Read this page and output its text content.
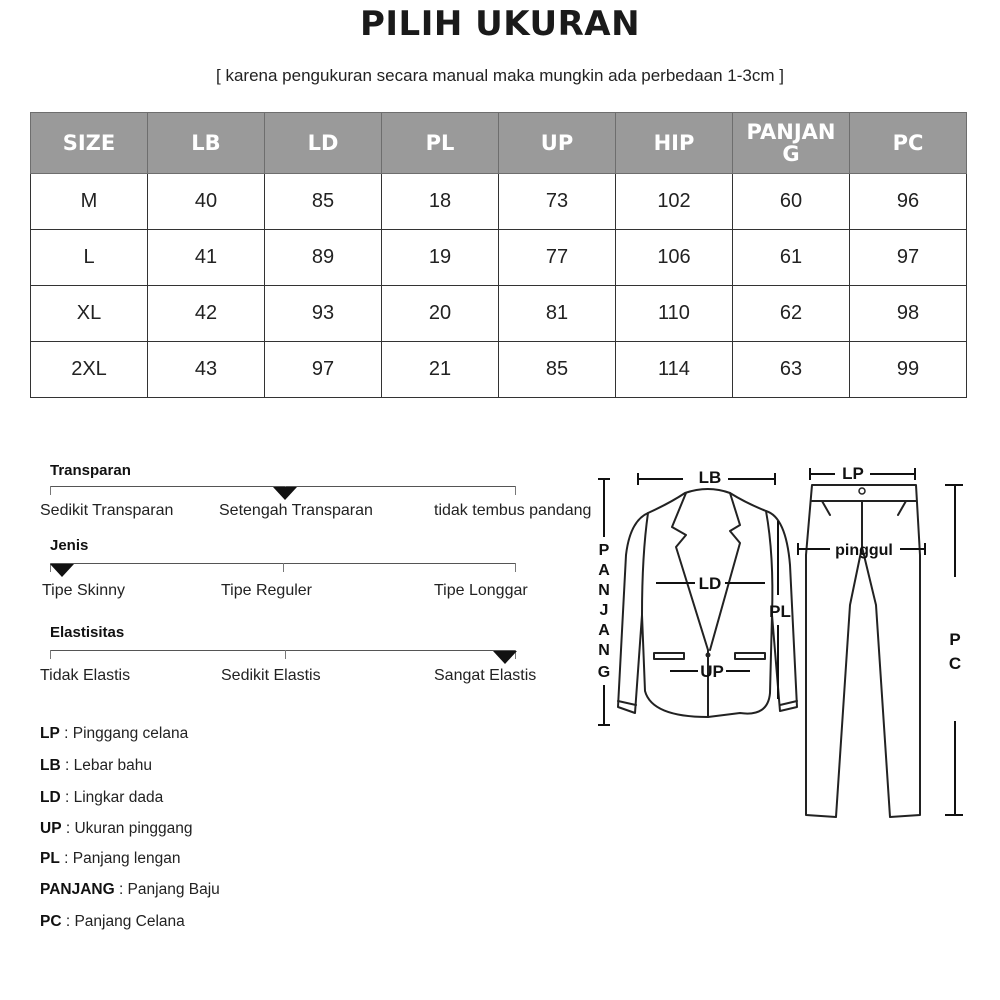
PILIH UKURAN
[ karena pengukuran secara manual maka mungkin ada perbedaan 1-3cm ]
SIZE	LB	LD	PL	UP	HIP	PANJANG	PC

M	40	85	18	73	102	60	96
L	41	89	19	77	106	61	97
XL	42	93	20	81	110	62	98
2XL	43	97	21	85	114	63	99
Transparan
Sedikit Transparan	Setengah Transparan	tidak tembus pandang
Jenis
Tipe Skinny	Tipe Reguler	Tipe Longgar
Elastisitas
Tidak Elastis	Sedikit Elastis	Sangat Elastis
LP : Pinggang celana
LB : Lebar bahu
LD : Lingkar dada
UP : Ukuran pinggang
PL : Panjang lengan
PANJANG : Panjang Baju
PC : Panjang Celana
LB	LP
LD
UP
PL
pinggul
P
A
N
J
A
N
G
P
C
